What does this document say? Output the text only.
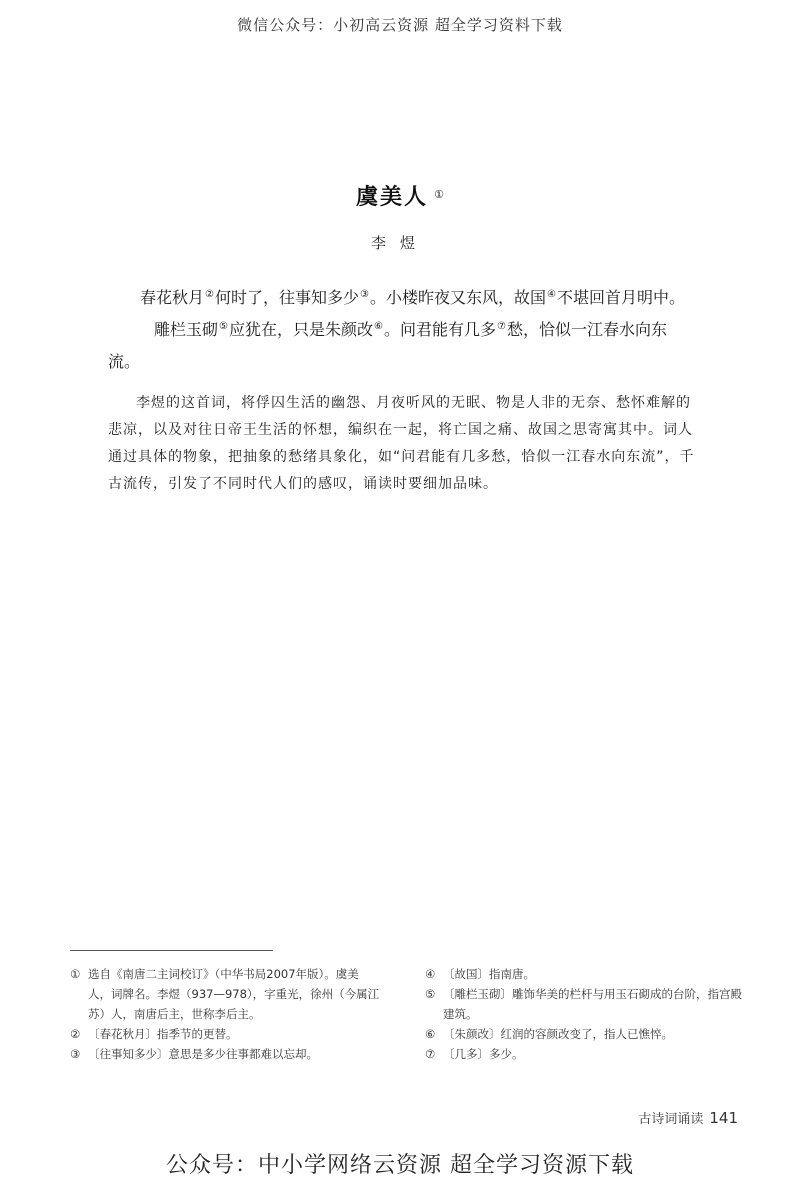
微信公众号：小初高云资源 超全学习资料下载
虞美人 ①
李煜
春花秋月②何时了，往事知多少③。小楼昨夜又东风，故国④不堪回首月明中。雕栏玉砌⑤应犹在，只是朱颜改⑥。问君能有几多⑦愁，恰似一江春水向东流。
李煜的这首词，将俘囚生活的幽怨、月夜听风的无眠、物是人非的无奈、愁怀难解的悲凉，以及对往日帝王生活的怀想，编织在一起，将亡国之痛、故国之思寄寓其中。词人通过具体的物象，把抽象的愁绪具象化，如“问君能有几多愁，恰似一江春水向东流”，千古流传，引发了不同时代人们的感叹，诵读时要细加品味。
① 选自《南唐二主词校订》（中华书局2007年版）。虞美人，词牌名。李煜（937—978），字重光，徐州（今属江苏）人，南唐后主，世称李后主。
② 〔春花秋月〕指季节的更替。
③ 〔往事知多少〕意思是多少往事都难以忘却。
④ 〔故国〕指南唐。
⑤ 〔雕栏玉砌〕雕饰华美的栏杆与用玉石砌成的台阶，指宫殿建筑。
⑥ 〔朱颜改〕红润的容颜改变了，指人已憔悴。
⑦ 〔几多〕多少。
古诗词诵读 141
公众号：中小学网络云资源 超全学习资源下载
